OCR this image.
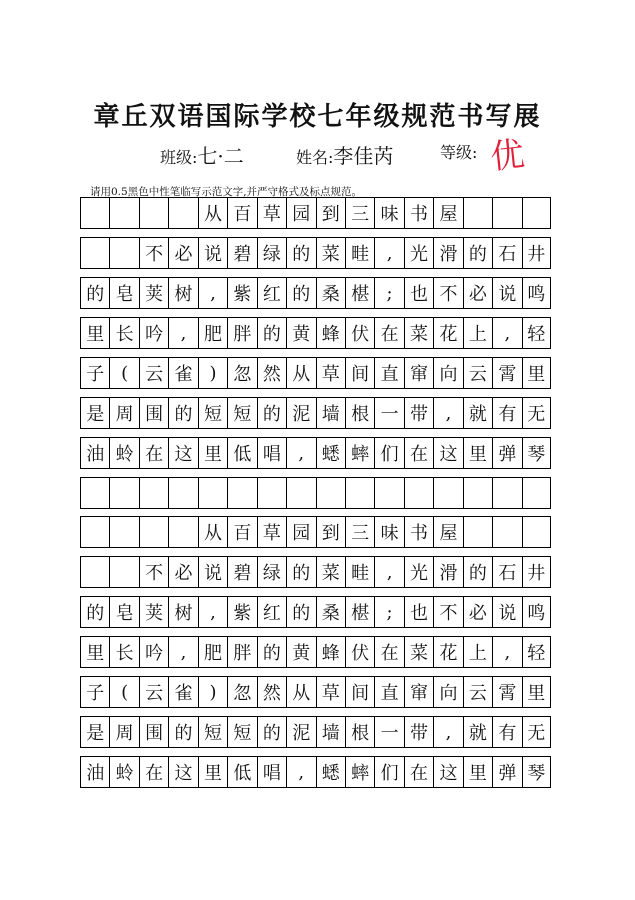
章丘双语国际学校七年级规范书写展
班级:七·二	姓名:李佳芮	等级: 优
请用0.5黑色中性笔临写示范文字,并严守格式及标点规范。
从 百 草 园 到 三 味 书 屋
不 必 说 碧 绿 的 菜 畦 , 光 滑 的 石 井
的 皂 荚 树 , 紫 红 的 桑 椹 ; 也 不 必 说 鸣
里 长 吟 , 肥 胖 的 黄 蜂 伏 在 菜 花 上 , 轻
子 ( 云 雀 ) 忽 然 从 草 间 直 窜 向 云 霄 里
是 周 围 的 短 短 的 泥 墙 根 一 带 , 就 有 无
油 蛉 在 这 里 低 唱 , 蟋 蟀 们 在 这 里 弹 琴
从 百 草 园 到 三 味 书 屋
不 必 说 碧 绿 的 菜 畦 , 光 滑 的 石 井
的 皂 荚 树 , 紫 红 的 桑 椹 ; 也 不 必 说 鸣
里 长 吟 , 肥 胖 的 黄 蜂 伏 在 菜 花 上 , 轻
子 ( 云 雀 ) 忽 然 从 草 间 直 窜 向 云 霄 里
是 周 围 的 短 短 的 泥 墙 根 一 带 , 就 有 无
油 蛉 在 这 里 低 唱 , 蟋 蟀 们 在 这 里 弹 琴
